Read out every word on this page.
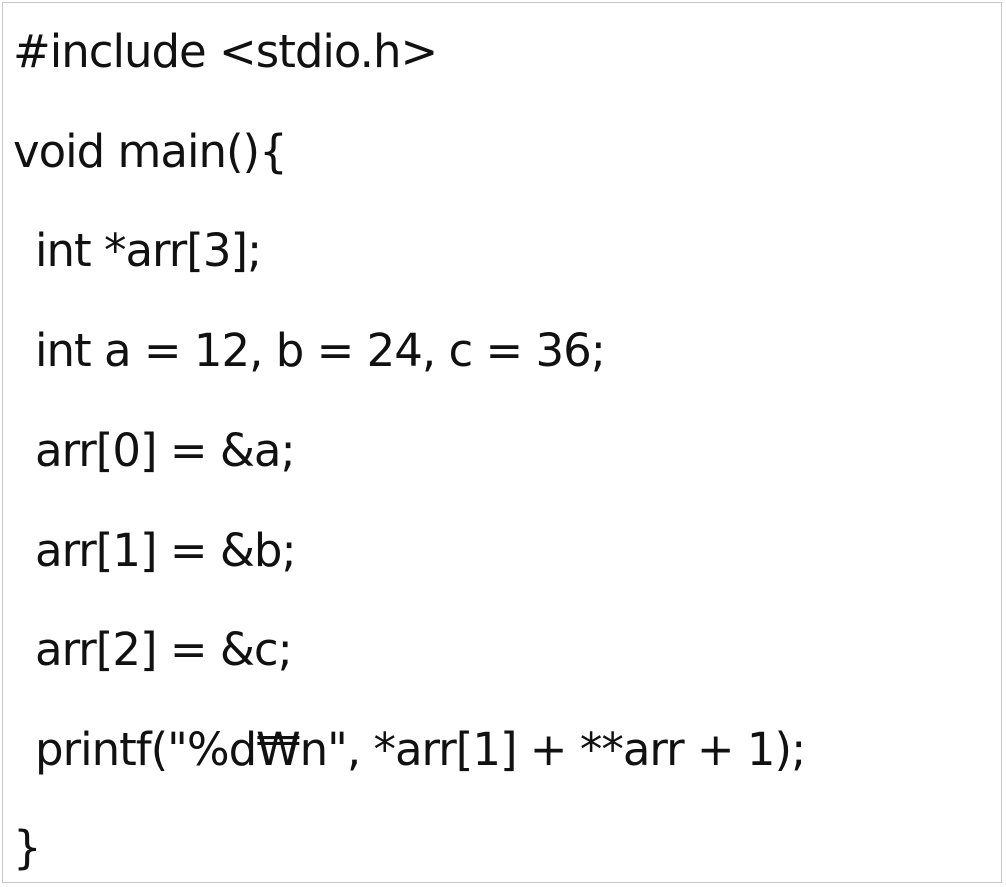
#include <stdio.h>
void main(){
int *arr[3];
int a = 12, b = 24, c = 36;
arr[0] = &a;
arr[1] = &b;
arr[2] = &c;
printf("%d₩n", *arr[1] + **arr + 1);
}
